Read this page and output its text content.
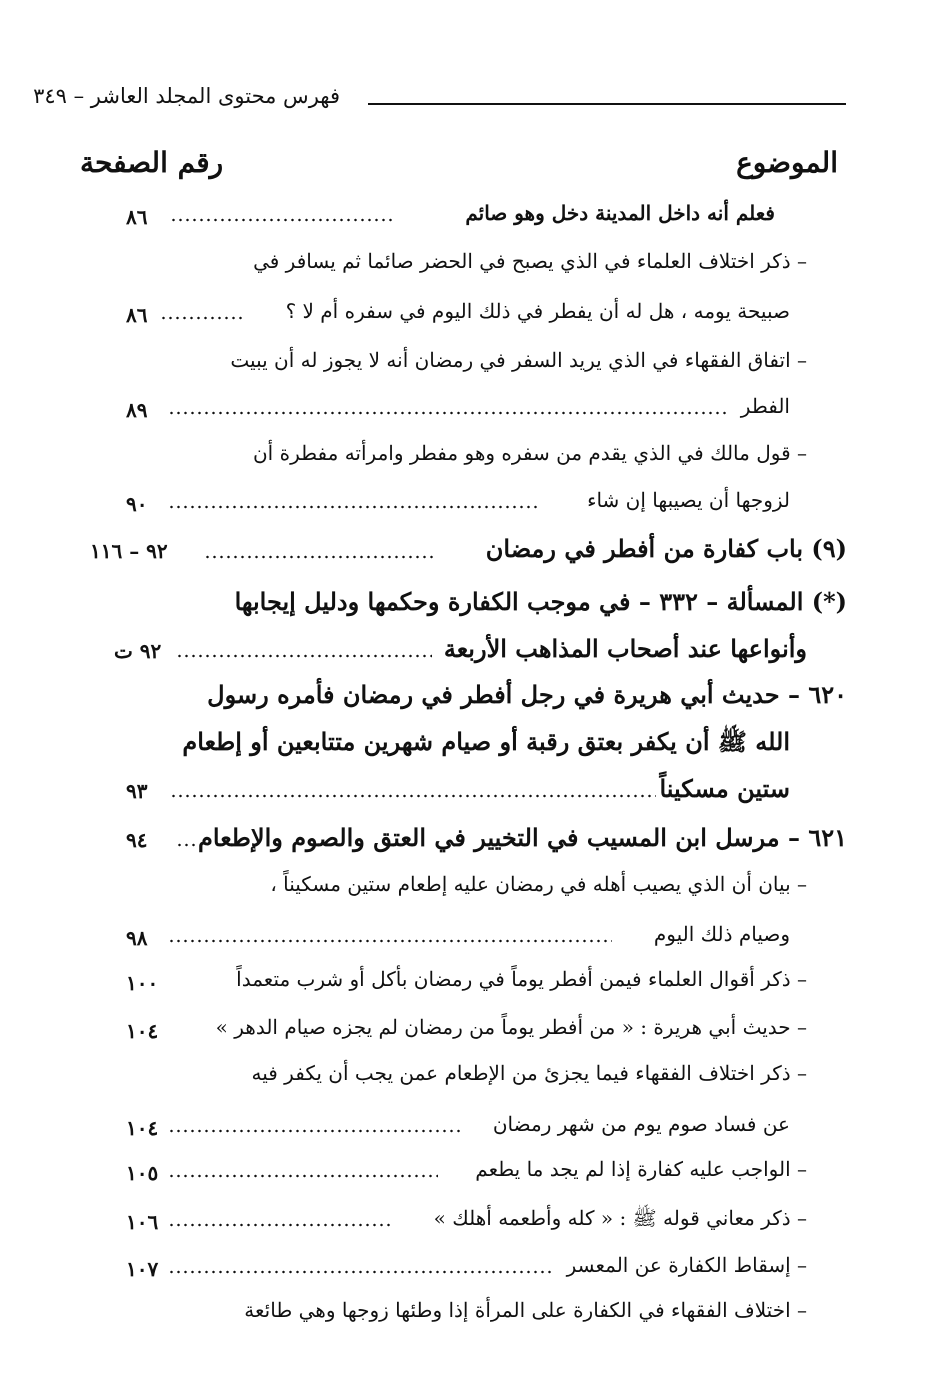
فهرس محتوى المجلد العاشر – ٣٤٩
الموضوع
رقم الصفحة
فعلم أنه داخل المدينة دخل وهو صائم
٨٦
– ذكر اختلاف العلماء في الذي يصبح في الحضر صائما ثم يسافر في
صبيحة يومه ، هل له أن يفطر في ذلك اليوم في سفره أم لا ؟
٨٦
– اتفاق الفقهاء في الذي يريد السفر في رمضان أنه لا يجوز له أن يبيت
الفطر
٨٩
– قول مالك في الذي يقدم من سفره وهو مفطر وامرأته مفطرة أن
لزوجها أن يصيبها إن شاء
٩٠
(٩) باب كفارة من أفطر في رمضان
٩٢ – ١١٦
(*) المسألة – ٣٣٢ – في موجب الكفارة وحكمها ودليل إيجابها
وأنواعها عند أصحاب المذاهب الأربعة
٩٢ ت
٦٢٠ – حديث أبي هريرة في رجل أفطر في رمضان فأمره رسول
الله ﷺ أن يكفر بعتق رقبة أو صيام شهرين متتابعين أو إطعام
ستين مسكيناً
٩٣
٦٢١ – مرسل ابن المسيب في التخيير في العتق والصوم والإطعام
٩٤
– بيان أن الذي يصيب أهله في رمضان عليه إطعام ستين مسكيناً ،
وصيام ذلك اليوم
٩٨
– ذكر أقوال العلماء فيمن أفطر يوماً في رمضان بأكل أو شرب متعمداً
١٠٠
– حديث أبي هريرة : « من أفطر يوماً من رمضان لم يجزه صيام الدهر »
١٠٤
– ذكر اختلاف الفقهاء فيما يجزئ من الإطعام عمن يجب أن يكفر فيه
عن فساد صوم يوم من شهر رمضان
١٠٤
– الواجب عليه كفارة إذا لم يجد ما يطعم
١٠٥
– ذكر معاني قوله ﷺ : « كله وأطعمه أهلك »
١٠٦
– إسقاط الكفارة عن المعسر
١٠٧
– اختلاف الفقهاء في الكفارة على المرأة إذا وطئها زوجها وهي طائعة
